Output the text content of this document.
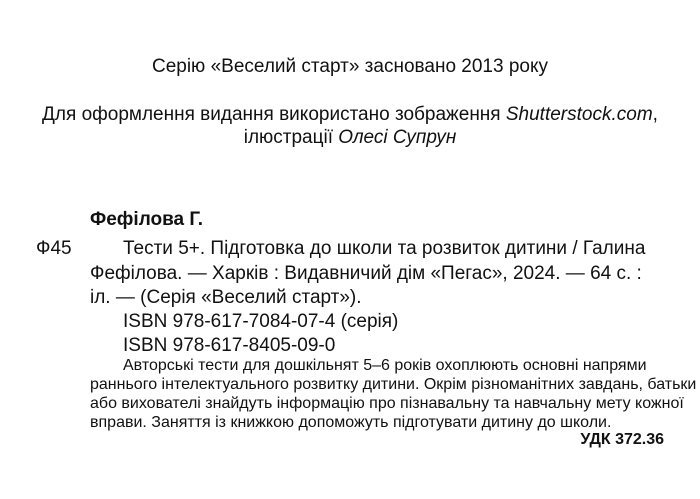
Серію «Веселий старт» засновано 2013 року
Для оформлення видання використано зображення Shutterstock.com,
ілюстрації Олесі Супрун
Фефілова Г.
Ф45	Тести 5+. Підготовка до школи та розвиток дитини / Галина
Фефілова. — Харків : Видавничий дім «Пегас», 2024. — 64 с. :
іл. — (Серія «Веселий старт»).
ISBN 978-617-7084-07-4 (серія)
ISBN 978-617-8405-09-0
Авторські тести для дошкільнят 5–6 років охоплюють основні напрями
раннього інтелектуального розвитку дитини. Окрім різноманітних завдань, батьки
або вихователі знайдуть інформацію про пізнавальну та навчальну мету кожної
вправи. Заняття із книжкою допоможуть підготувати дитину до школи.
УДК 372.36
